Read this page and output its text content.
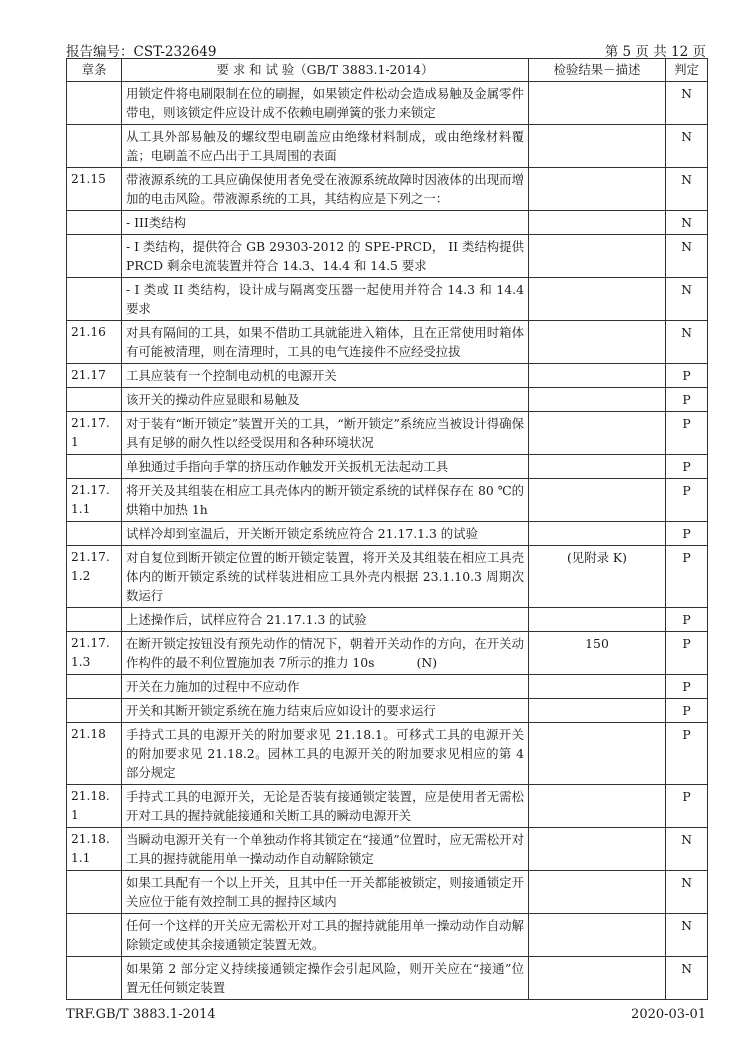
报告编号：CST-232649	第 5 页 共 12 页
章条	要 求 和 试 验（GB/T 3883.1-2014）	检验结果－描述	判定
	用锁定件将电刷限制在位的刷握，如果锁定件松动会造成易触及金属零件带电，则该锁定件应设计成不依赖电刷弹簧的张力来锁定		N
	从工具外部易触及的螺纹型电刷盖应由绝缘材料制成，或由绝缘材料覆盖；电刷盖不应凸出于工具周围的表面		N
21.15	带液源系统的工具应确保使用者免受在液源系统故障时因液体的出现而增加的电击风险。带液源系统的工具，其结构应是下列之一：		N
	- III类结构		N
	- I 类结构，提供符合 GB 29303-2012 的 SPE-PRCD， II 类结构提供 PRCD 剩余电流装置并符合 14.3、14.4 和 14.5 要求		N
	- I 类或 II 类结构，设计成与隔离变压器一起使用并符合 14.3 和 14.4 要求		N
21.16	对具有隔间的工具，如果不借助工具就能进入箱体，且在正常使用时箱体有可能被清理，则在清理时，工具的电气连接件不应经受拉拔		N
21.17	工具应装有一个控制电动机的电源开关		P
	该开关的操动件应显眼和易触及		P
21.17.1	对于装有“断开锁定”装置开关的工具，“断开锁定”系统应当被设计得确保具有足够的耐久性以经受误用和各种环境状况		P
	单独通过手指向手掌的挤压动作触发开关扳机无法起动工具		P
21.17.1.1	将开关及其组装在相应工具壳体内的断开锁定系统的试样保存在 80 ℃的烘箱中加热 1h		P
	试样冷却到室温后，开关断开锁定系统应符合 21.17.1.3 的试验		P
21.17.1.2	对自复位到断开锁定位置的断开锁定装置，将开关及其组装在相应工具壳体内的断开锁定系统的试样装进相应工具外壳内根据 23.1.10.3 周期次数运行	(见附录 K)	P
	上述操作后，试样应符合 21.17.1.3 的试验		P
21.17.1.3	在断开锁定按钮没有预先动作的情况下，朝着开关动作的方向，在开关动作构件的最不利位置施加表 7所示的推力 10s (N)	150	P
	开关在力施加的过程中不应动作		P
	开关和其断开锁定系统在施力结束后应如设计的要求运行		P
21.18	手持式工具的电源开关的附加要求见 21.18.1。可移式工具的电源开关的附加要求见 21.18.2。园林工具的电源开关的附加要求见相应的第 4 部分规定		P
21.18.1	手持式工具的电源开关，无论是否装有接通锁定装置，应是使用者无需松开对工具的握持就能接通和关断工具的瞬动电源开关		P
21.18.1.1	当瞬动电源开关有一个单独动作将其锁定在“接通”位置时，应无需松开对工具的握持就能用单一操动动作自动解除锁定		N
	如果工具配有一个以上开关，且其中任一开关都能被锁定，则接通锁定开关应位于能有效控制工具的握持区域内		N
	任何一个这样的开关应无需松开对工具的握持就能用单一操动动作自动解除锁定或使其余接通锁定装置无效。		N
	如果第 2 部分定义持续接通锁定操作会引起风险，则开关应在“接通”位置无任何锁定装置		N
TRF.GB/T 3883.1-2014	2020-03-01
